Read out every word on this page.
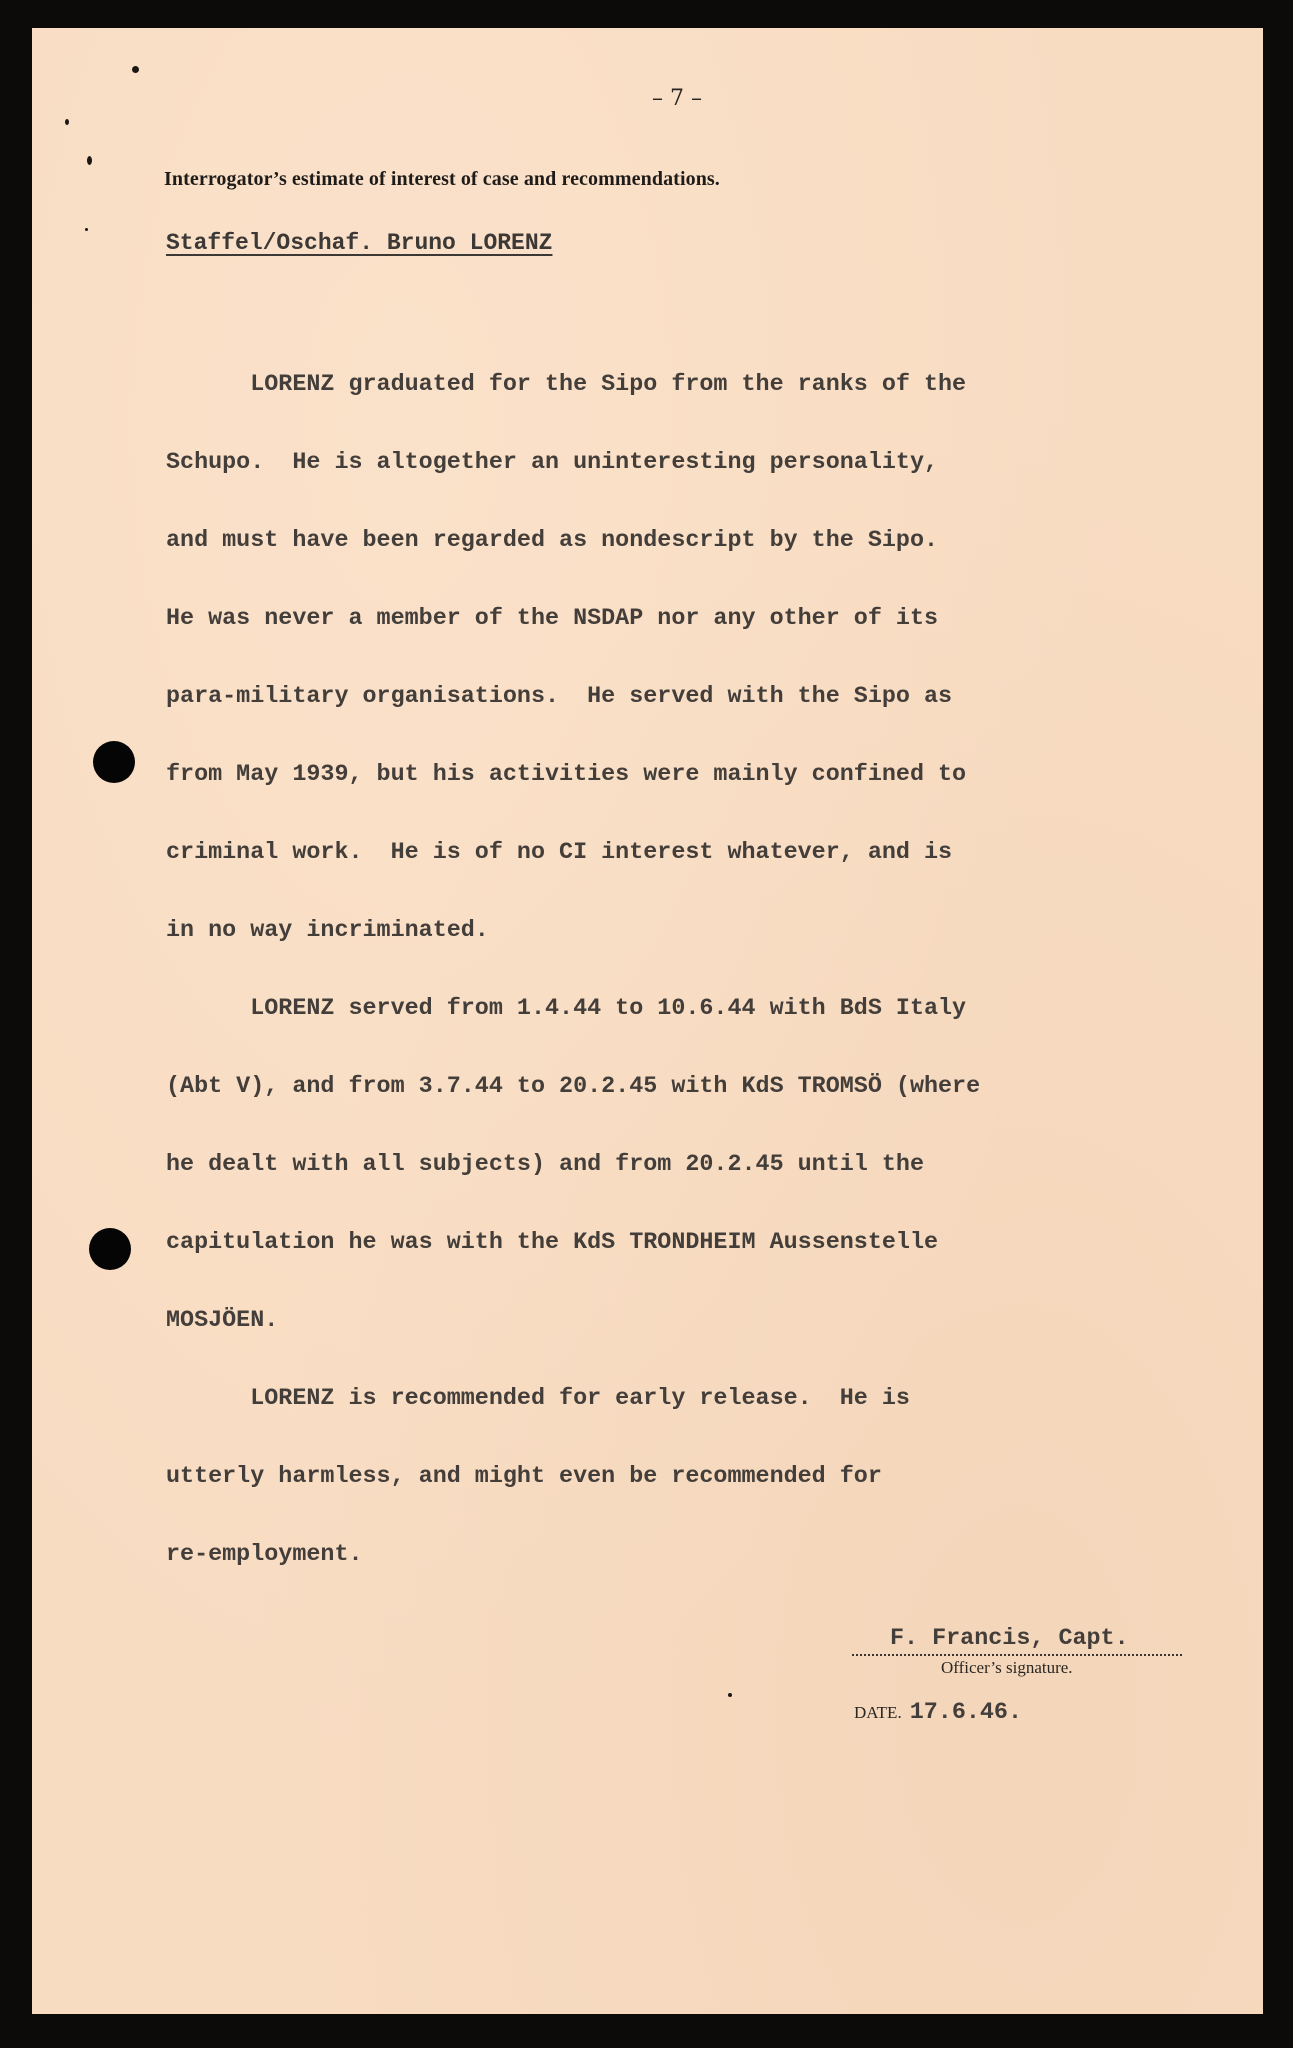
– 7 –
Interrogator’s estimate of interest of case and recommendations.
Staffel/Oschaf. Bruno LORENZ

LORENZ graduated for the Sipo from the ranks of the

Schupo.  He is altogether an uninteresting personality,

and must have been regarded as nondescript by the Sipo.

He was never a member of the NSDAP nor any other of its

para-military organisations.  He served with the Sipo as

from May 1939, but his activities were mainly confined to

criminal work.  He is of no CI interest whatever, and is

in no way incriminated.

LORENZ served from 1.4.44 to 10.6.44 with BdS Italy

(Abt V), and from 3.7.44 to 20.2.45 with KdS TROMSÖ (where

he dealt with all subjects) and from 20.2.45 until the

capitulation he was with the KdS TRONDHEIM Aussenstelle

MOSJÖEN.

LORENZ is recommended for early release.  He is

utterly harmless, and might even be recommended for

re-employment.

F. Francis, Capt.
Officer’s signature.
DATE. 17.6.46.
